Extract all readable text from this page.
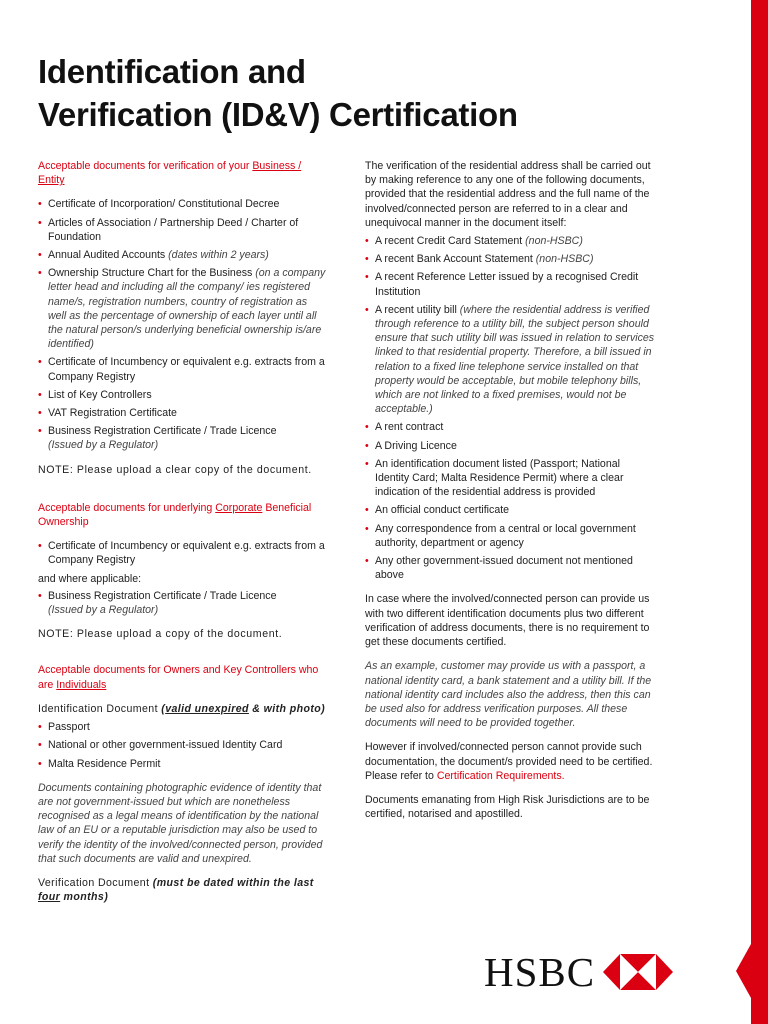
Identification and
Verification (ID&V) Certification

Acceptable documents for verification of your Business / Entity

• Certificate of Incorporation/ Constitutional Decree
• Articles of Association / Partnership Deed / Charter of Foundation
• Annual Audited Accounts (dates within 2 years)
• Ownership Structure Chart for the Business (on a company letter head and including all the company/ ies registered name/s, registration numbers, country of registration as well as the percentage of ownership of each layer until all the natural person/s underlying beneficial ownership is/are identified)
• Certificate of Incumbency or equivalent e.g. extracts from a Company Registry
• List of Key Controllers
• VAT Registration Certificate
• Business Registration Certificate / Trade Licence
(Issued by a Regulator)

NOTE: Please upload a clear copy of the document.

Acceptable documents for underlying Corporate Beneficial Ownership

• Certificate of Incumbency or equivalent e.g. extracts from a Company Registry

and where applicable:

• Business Registration Certificate / Trade Licence
(Issued by a Regulator)

NOTE: Please upload a copy of the document.

Acceptable documents for Owners and Key Controllers who are Individuals

Identification Document (valid unexpired & with photo)

• Passport
• National or other government-issued Identity Card
• Malta Residence Permit

Documents containing photographic evidence of identity that are not government-issued but which are nonetheless recognised as a legal means of identification by the national law of an EU or a reputable jurisdiction may also be used to verify the identity of the involved/connected person, provided that such documents are valid and unexpired.

Verification Document (must be dated within the last four months)

The verification of the residential address shall be carried out by making reference to any one of the following documents, provided that the residential address and the full name of the involved/connected person are referred to in a clear and unequivocal manner in the document itself:

• A recent Credit Card Statement (non-HSBC)
• A recent Bank Account Statement (non-HSBC)
• A recent Reference Letter issued by a recognised Credit Institution
• A recent utility bill (where the residential address is verified through reference to a utility bill, the subject person should ensure that such utility bill was issued in relation to services linked to that residential property. Therefore, a bill issued in relation to a fixed line telephone service installed on that property would be acceptable, but mobile telephony bills, which are not linked to a fixed premises, would not be acceptable.)
• A rent contract
• A Driving Licence
• An identification document listed (Passport; National Identity Card; Malta Residence Permit) where a clear indication of the residential address is provided
• An official conduct certificate
• Any correspondence from a central or local government authority, department or agency
• Any other government-issued document not mentioned above

In case where the involved/connected person can provide us with two different identification documents plus two different verification of address documents, there is no requirement to get these documents certified.

As an example, customer may provide us with a passport, a national identity card, a bank statement and a utility bill. If the national identity card includes also the address, then this can be used also for address verification purposes. All these documents will need to be provided together.

However if involved/connected person cannot provide such documentation, the document/s provided need to be certified. Please refer to Certification Requirements.

Documents emanating from High Risk Jurisdictions are to be certified, notarised and apostilled.

HSBC
